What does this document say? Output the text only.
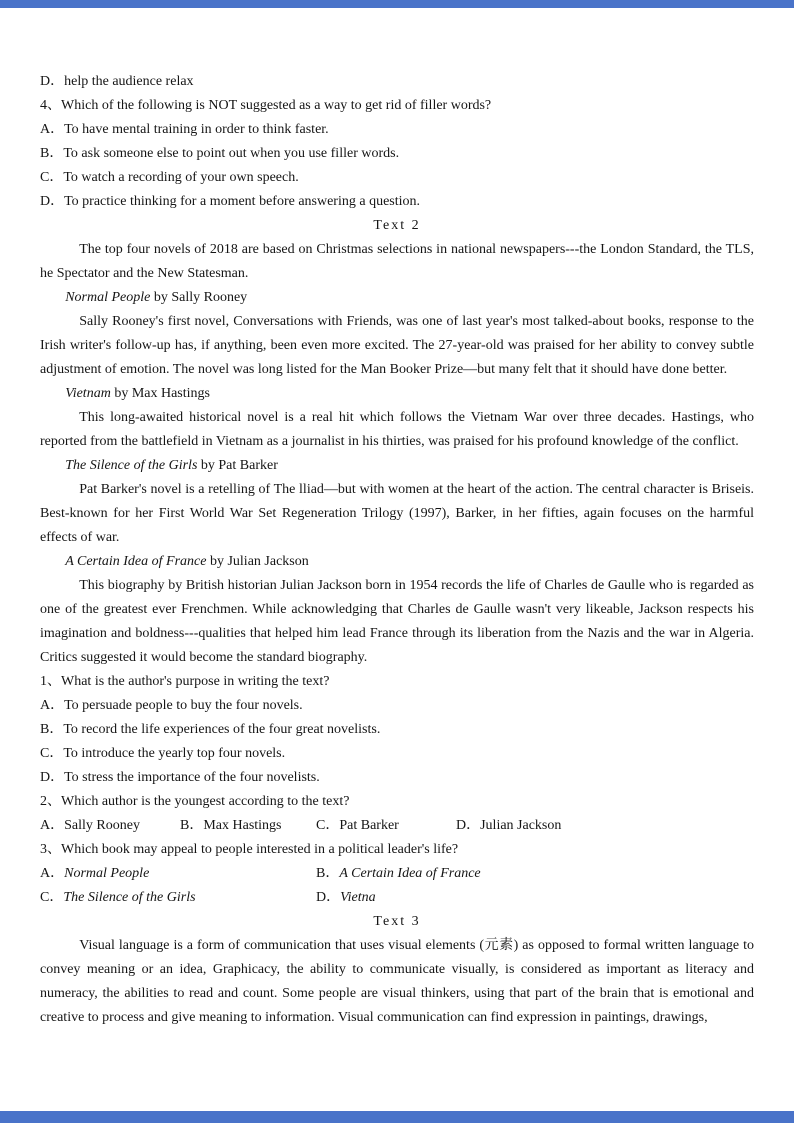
D．help the audience relax

4、Which of the following is NOT suggested as a way to get rid of filler words?

A．To have mental training in order to think faster.

B．To ask someone else to point out when you use filler words.

C．To watch a recording of your own speech.

D．To practice thinking for a moment before answering a question.

Text 2

The top four novels of 2018 are based on Christmas selections in national newspapers---the London Standard, the TLS, he Spectator and the New Statesman.

Normal People by Sally Rooney

Sally Rooney's first novel, Conversations with Friends, was one of last year's most talked-about books, response to the Irish writer's follow-up has, if anything, been even more excited. The 27-year-old was praised for her ability to convey subtle adjustment of emotion. The novel was long listed for the Man Booker Prize—but many felt that it should have done better.

Vietnam by Max Hastings

This long-awaited historical novel is a real hit which follows the Vietnam War over three decades. Hastings, who reported from the battlefield in Vietnam as a journalist in his thirties, was praised for his profound knowledge of the conflict.

The Silence of the Girls by Pat Barker

Pat Barker's novel is a retelling of The lliad—but with women at the heart of the action. The central character is Briseis. Best-known for her First World War Set Regeneration Trilogy (1997), Barker, in her fifties, again focuses on the harmful effects of war.

A Certain Idea of France by Julian Jackson

This biography by British historian Julian Jackson born in 1954 records the life of Charles de Gaulle who is regarded as one of the greatest ever Frenchmen. While acknowledging that Charles de Gaulle wasn't very likeable, Jackson respects his imagination and boldness---qualities that helped him lead France through its liberation from the Nazis and the war in Algeria. Critics suggested it would become the standard biography.

1、What is the author's purpose in writing the text?

A．To persuade people to buy the four novels.

B．To record the life experiences of the four great novelists.

C．To introduce the yearly top four novels.

D．To stress the importance of the four novelists.

2、Which author is the youngest according to the text?

A．Sally Rooney	B．Max Hastings C．Pat Barker	D．Julian Jackson

3、Which book may appeal to people interested in a political leader's life?

A．Normal People	B．A Certain Idea of France

C．The Silence of the Girls	D．Vietna

Text 3

Visual language is a form of communication that uses visual elements (元素) as opposed to formal written language to convey meaning or an idea, Graphicacy, the ability to communicate visually, is considered as important as literacy and numeracy, the abilities to read and count. Some people are visual thinkers, using that part of the brain that is emotional and creative to process and give meaning to information. Visual communication can find expression in paintings, drawings,
